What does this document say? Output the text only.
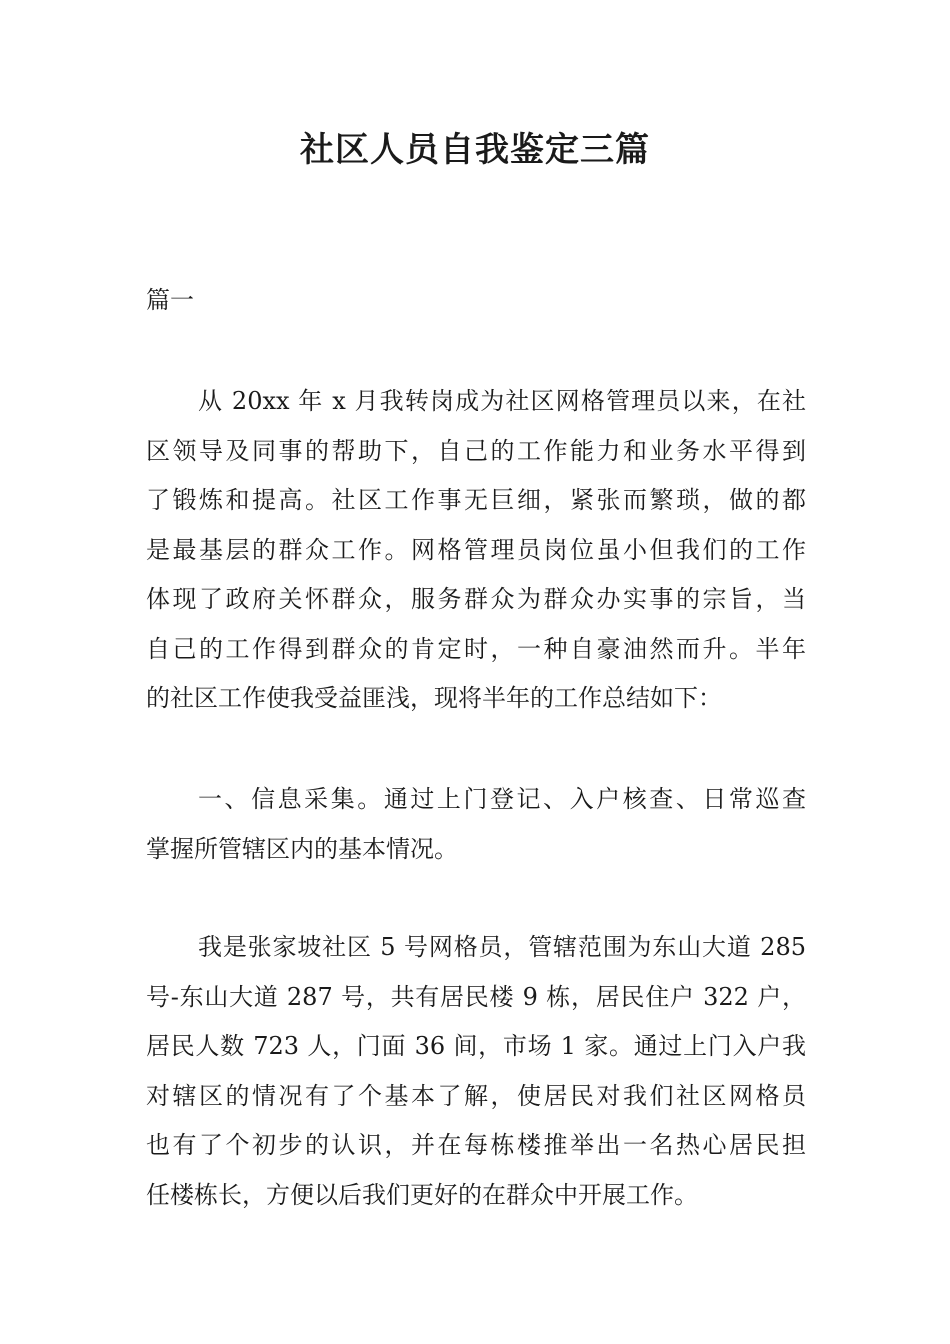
社区人员自我鉴定三篇

篇一

从 20xx 年 x 月我转岗成为社区网格管理员以来，在社
区领导及同事的帮助下，自己的工作能力和业务水平得到
了锻炼和提高。社区工作事无巨细，紧张而繁琐，做的都
是最基层的群众工作。网格管理员岗位虽小但我们的工作
体现了政府关怀群众，服务群众为群众办实事的宗旨，当
自己的工作得到群众的肯定时，一种自豪油然而升。半年
的社区工作使我受益匪浅，现将半年的工作总结如下：
一、信息采集。通过上门登记、入户核查、日常巡查
掌握所管辖区内的基本情况。
我是张家坡社区 5 号网格员，管辖范围为东山大道 285
号-东山大道 287 号，共有居民楼 9 栋，居民住户 322 户，
居民人数 723 人，门面 36 间，市场 1 家。通过上门入户我
对辖区的情况有了个基本了解，使居民对我们社区网格员
也有了个初步的认识，并在每栋楼推举出一名热心居民担
任楼栋长，方便以后我们更好的在群众中开展工作。
